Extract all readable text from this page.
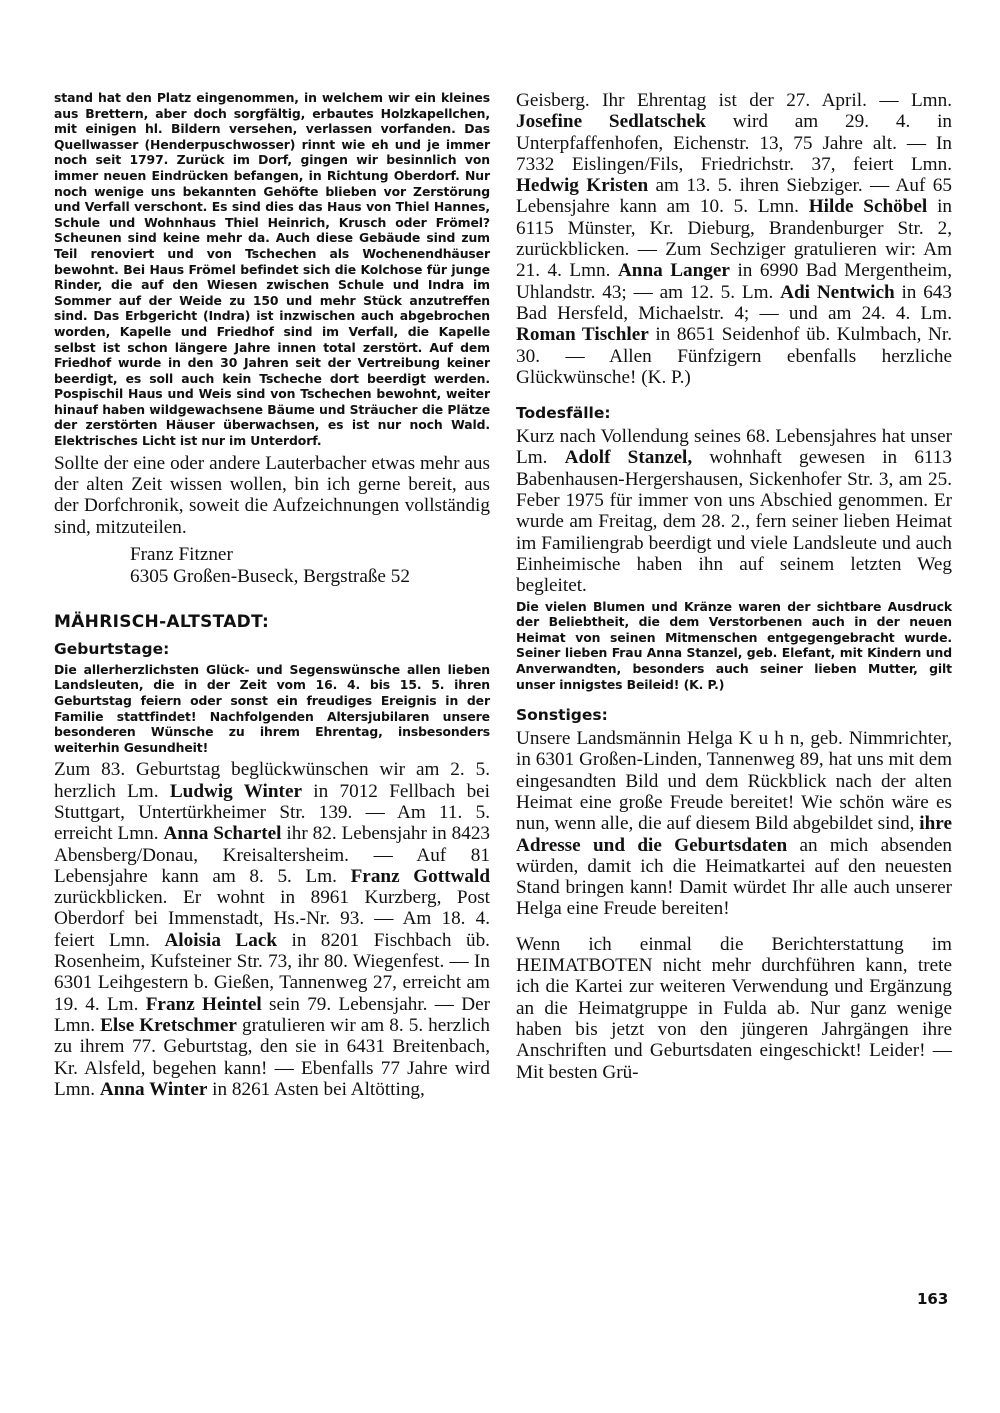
stand hat den Platz eingenommen, in welchem wir ein kleines aus Brettern, aber doch sorgfältig, erbautes Holzkapellchen, mit einigen hl. Bildern versehen, verlassen vorfanden. Das Quellwasser (Henderpuschwosser) rinnt wie eh und je immer noch seit 1797. Zurück im Dorf, gingen wir besinnlich von immer neuen Eindrücken befangen, in Richtung Oberdorf. Nur noch wenige uns bekannten Gehöfte blieben vor Zerstörung und Verfall verschont. Es sind dies das Haus von Thiel Hannes, Schule und Wohnhaus Thiel Heinrich, Krusch oder Frömel? Scheunen sind keine mehr da. Auch diese Gebäude sind zum Teil renoviert und von Tschechen als Wochenendhäuser bewohnt. Bei Haus Frömel befindet sich die Kolchose für junge Rinder, die auf den Wiesen zwischen Schule und Indra im Sommer auf der Weide zu 150 und mehr Stück anzutreffen sind. Das Erbgericht (Indra) ist inzwischen auch abgebrochen worden, Kapelle und Friedhof sind im Verfall, die Kapelle selbst ist schon längere Jahre innen total zerstört. Auf dem Friedhof wurde in den 30 Jahren seit der Vertreibung keiner beerdigt, es soll auch kein Tscheche dort beerdigt werden. Pospischil Haus und Weis sind von Tschechen bewohnt, weiter hinauf haben wildgewachsene Bäume und Sträucher die Plätze der zerstörten Häuser überwachsen, es ist nur noch Wald. Elektrisches Licht ist nur im Unterdorf.

Sollte der eine oder andere Lauterbacher etwas mehr aus der alten Zeit wissen wollen, bin ich gerne bereit, aus der Dorfchronik, soweit die Aufzeichnungen vollständig sind, mitzuteilen.

Franz Fitzner
6305 Großen-Buseck, Bergstraße 52
MÄHRISCH-ALTSTADT:
Geburtstage:

Die allerherzlichsten Glück- und Segenswünsche allen lieben Landsleuten, die in der Zeit vom 16. 4. bis 15. 5. ihren Geburtstag feiern oder sonst ein freudiges Ereignis in der Familie stattfindet! Nachfolgenden Altersjubilaren unsere besonderen Wünsche zu ihrem Ehrentag, insbesonders weiterhin Gesundheit!

Zum 83. Geburtstag beglückwünschen wir am 2. 5. herzlich Lm. Ludwig Winter in 7012 Fellbach bei Stuttgart, Untertürkheimer Str. 139. — Am 11. 5. erreicht Lmn. Anna Schartel ihr 82. Lebensjahr in 8423 Abensberg/Donau, Kreisaltersheim. — Auf 81 Lebensjahre kann am 8. 5. Lm. Franz Gottwald zurückblicken. Er wohnt in 8961 Kurzberg, Post Oberdorf bei Immenstadt, Hs.-Nr. 93. — Am 18. 4. feiert Lmn. Aloisia Lack in 8201 Fischbach üb. Rosenheim, Kufsteiner Str. 73, ihr 80. Wiegenfest. — In 6301 Leihgestern b. Gießen, Tannenweg 27, erreicht am 19. 4. Lm. Franz Heintel sein 79. Lebensjahr. — Der Lmn. Else Kretschmer gratulieren wir am 8. 5. herzlich zu ihrem 77. Geburtstag, den sie in 6431 Breitenbach, Kr. Alsfeld, begehen kann! — Ebenfalls 77 Jahre wird Lmn. Anna Winter in 8261 Asten bei Altötting,

Geisberg. Ihr Ehrentag ist der 27. April. — Lmn. Josefine Sedlatschek wird am 29. 4. in Unterpfaffenhofen, Eichenstr. 13, 75 Jahre alt. — In 7332 Eislingen/Fils, Friedrichstr. 37, feiert Lmn. Hedwig Kristen am 13. 5. ihren Siebziger. — Auf 65 Lebensjahre kann am 10. 5. Lmn. Hilde Schöbel in 6115 Münster, Kr. Dieburg, Brandenburger Str. 2, zurückblicken. — Zum Sechziger gratulieren wir: Am 21. 4. Lmn. Anna Langer in 6990 Bad Mergentheim, Uhlandstr. 43; — am 12. 5. Lm. Adi Nentwich in 643 Bad Hersfeld, Michaelstr. 4; — und am 24. 4. Lm. Roman Tischler in 8651 Seidenhof üb. Kulmbach, Nr. 30. — Allen Fünfzigern ebenfalls herzliche Glückwünsche! (K. P.)

Todesfälle:

Kurz nach Vollendung seines 68. Lebensjahres hat unser Lm. Adolf Stanzel, wohnhaft gewesen in 6113 Babenhausen-Hergershausen, Sickenhofer Str. 3, am 25. Feber 1975 für immer von uns Abschied genommen. Er wurde am Freitag, dem 28. 2., fern seiner lieben Heimat im Familiengrab beerdigt und viele Landsleute und auch Einheimische haben ihn auf seinem letzten Weg begleitet.

Die vielen Blumen und Kränze waren der sichtbare Ausdruck der Beliebtheit, die dem Verstorbenen auch in der neuen Heimat von seinen Mitmenschen entgegengebracht wurde. Seiner lieben Frau Anna Stanzel, geb. Elefant, mit Kindern und Anverwandten, besonders auch seiner lieben Mutter, gilt unser innigstes Beileid! (K. P.)

Sonstiges:

Unsere Landsmännin Helga K u h n, geb. Nimmrichter, in 6301 Großen-Linden, Tannenweg 89, hat uns mit dem eingesandten Bild und dem Rückblick nach der alten Heimat eine große Freude bereitet! Wie schön wäre es nun, wenn alle, die auf diesem Bild abgebildet sind, ihre Adresse und die Geburtsdaten an mich absenden würden, damit ich die Heimatkartei auf den neuesten Stand bringen kann! Damit würdet Ihr alle auch unserer Helga eine Freude bereiten!

Wenn ich einmal die Berichterstattung im HEIMATBOTEN nicht mehr durchführen kann, trete ich die Kartei zur weiteren Verwendung und Ergänzung an die Heimatgruppe in Fulda ab. Nur ganz wenige haben bis jetzt von den jüngeren Jahrgängen ihre Anschriften und Geburtsdaten eingeschickt! Leider! — Mit besten Grü-

163
